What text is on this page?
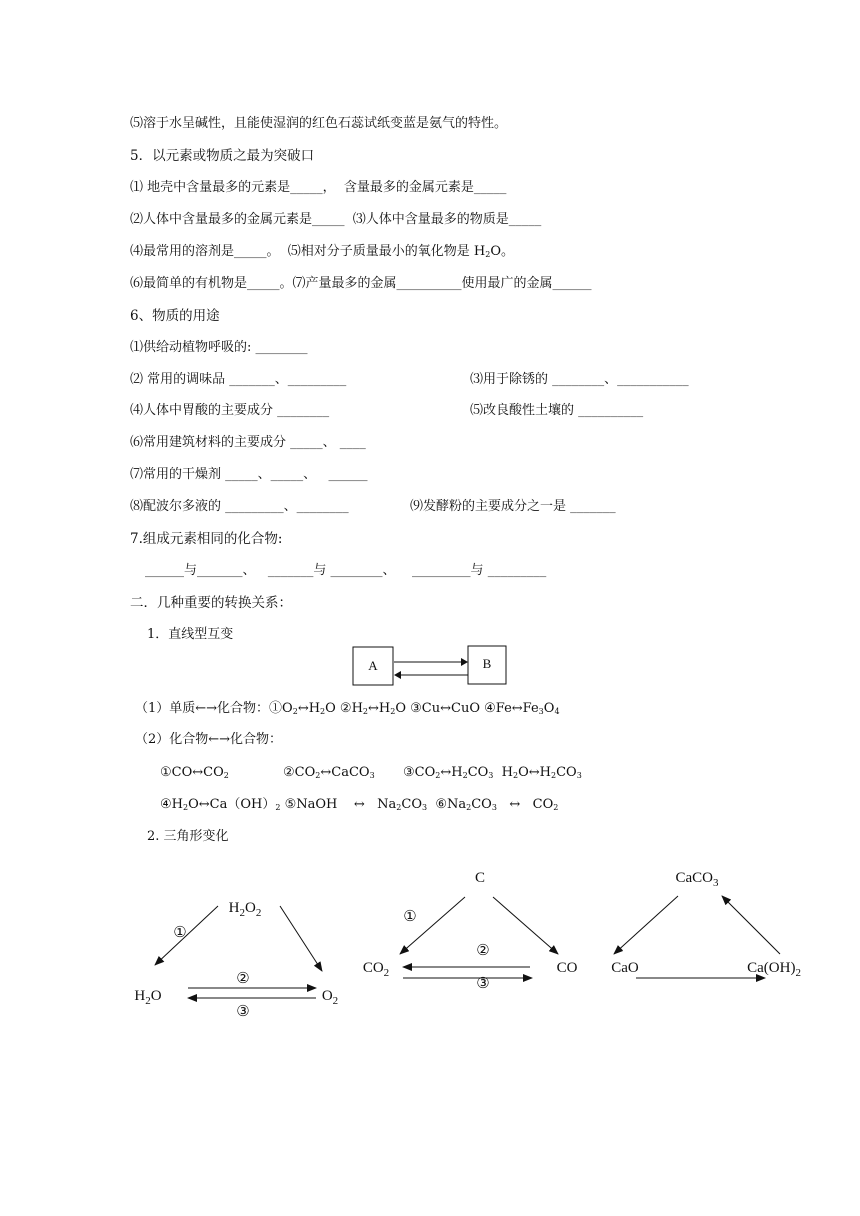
⑸溶于水呈碱性，且能使湿润的红色石蕊试纸变蓝是氨气的特性。
5．以元素或物质之最为突破口
⑴ 地壳中含量最多的元素是_____，  含量最多的金属元素是_____
⑵人体中含量最多的金属元素是_____  ⑶人体中含量最多的物质是_____
⑷最常用的溶剂是_____。  ⑸相对分子质量最小的氧化物是 $H_2O$。
⑹最简单的有机物是_____。⑺产量最多的金属__________使用最广的金属______
6、物质的用途
⑴供给动植物呼吸的: ________
⑵ 常用的调味品 _______、_________	⑶用于除锈的 ________、___________
⑷人体中胃酸的主要成分 ________	⑸改良酸性土壤的 __________
⑹常用建筑材料的主要成分 _____、 ____
⑺常用的干燥剂 _____、_____、   ______
⑻配波尔多液的 _________、________	⑼发酵粉的主要成分之一是 _______
7.组成元素相同的化合物:
______与_______、   _______与 ________、    _________与 _________
二．几种重要的转换关系：
1．直线型互变
A	B
（1）单质←→化合物：$①O_2\leftrightarrow H_2O$ $②H_2\leftrightarrow H_2O$ ③Cu↔CuO $④Fe\leftrightarrow Fe_3O_4$
（2）化合物←→化合物：
$①CO\leftrightarrow CO_2$	$②CO_2\leftrightarrow CaCO_3$ $③CO_2\leftrightarrow H_2CO_3$  $H_2O\leftrightarrow H_2CO_3$
$④H_2O\leftrightarrow Ca(OH)_2$ ⑤NaOH    ↔   $Na_2CO_3$  $⑥Na_2CO_3$   ↔   $CO_2$
2. 三角形变化
$H_2O_2$
$H_2O$	$O_2$
①
②
③
C
$CO_2$	CO
①
②
③
CaCO$_3$
CaO	$Ca(OH)_2$
